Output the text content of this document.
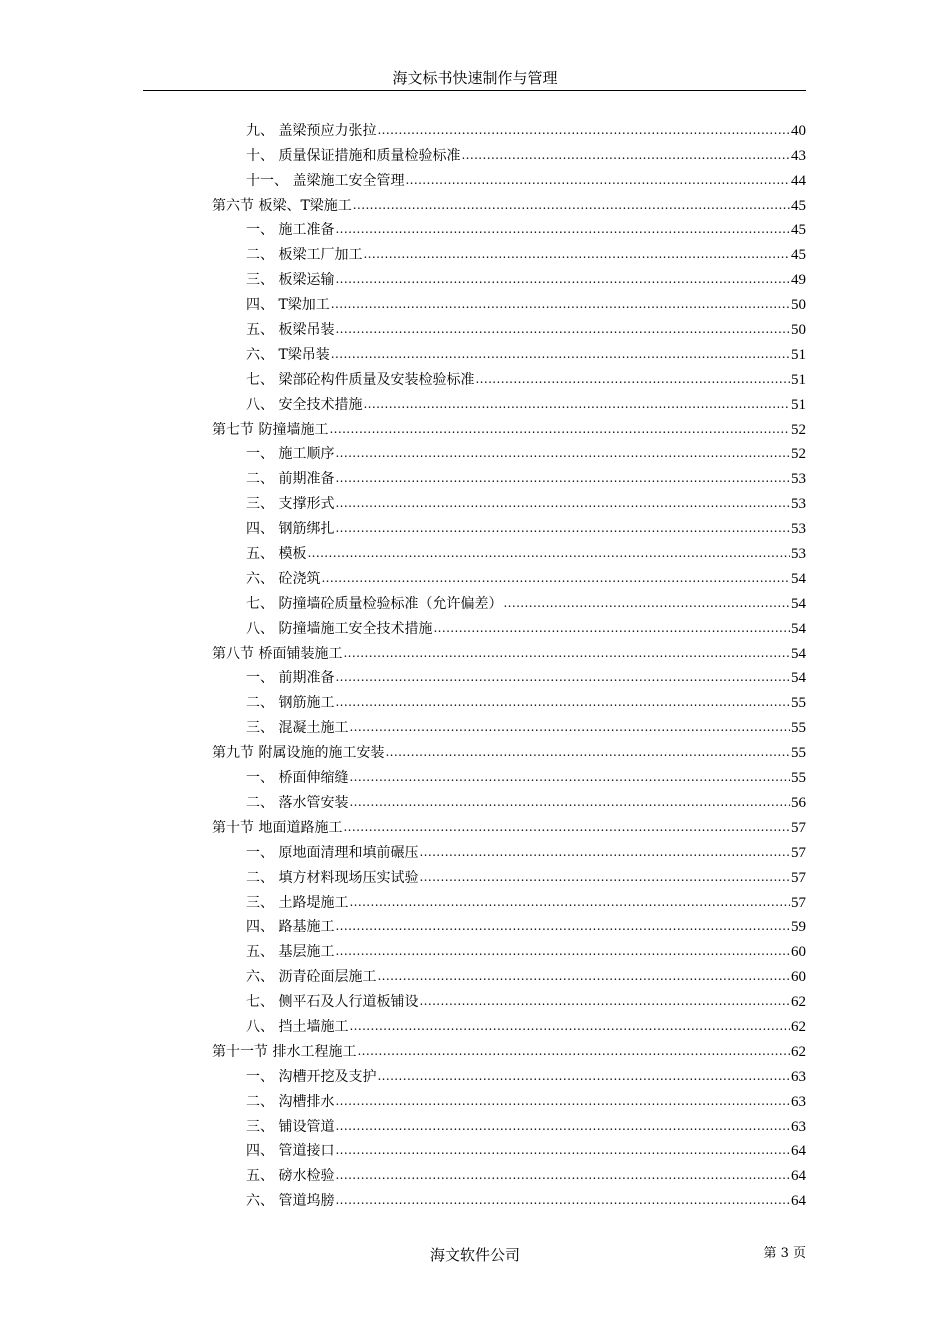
海文标书快速制作与管理
九、 盖梁预应力张拉 .....	40
十、 质量保证措施和质量检验标准 .....	43
十一、 盖梁施工安全管理 .....	44
第六节 板梁、T梁施工 .....	45
一、 施工准备 .....	45
二、 板梁工厂加工 .....	45
三、 板梁运输 .....	49
四、 T梁加工 .....	50
五、 板梁吊装 .....	50
六、 T梁吊装 .....	51
七、 梁部砼构件质量及安装检验标准 .....	51
八、 安全技术措施 .....	51
第七节 防撞墙施工 .....	52
一、 施工顺序 .....	52
二、 前期准备 .....	53
三、 支撑形式 .....	53
四、 钢筋绑扎 .....	53
五、 模板 .....	53
六、 砼浇筑 .....	54
七、 防撞墙砼质量检验标准（允许偏差） .....	54
八、 防撞墙施工安全技术措施 .....	54
第八节 桥面铺装施工 .....	54
一、 前期准备 .....	54
二、 钢筋施工 .....	55
三、 混凝土施工 .....	55
第九节 附属设施的施工安装 .....	55
一、 桥面伸缩缝 .....	55
二、 落水管安装 .....	56
第十节 地面道路施工 .....	57
一、 原地面清理和填前碾压 .....	57
二、 填方材料现场压实试验 .....	57
三、 土路堤施工 .....	57
四、 路基施工 .....	59
五、 基层施工 .....	60
六、 沥青砼面层施工 .....	60
七、 侧平石及人行道板铺设 .....	62
八、 挡土墙施工 .....	62
第十一节 排水工程施工 .....	62
一、 沟槽开挖及支护 .....	63
二、 沟槽排水 .....	63
三、 铺设管道 .....	63
四、 管道接口 .....	64
五、 磅水检验 .....	64
六、 管道坞膀 .....	64
海文软件公司	第 3 页
